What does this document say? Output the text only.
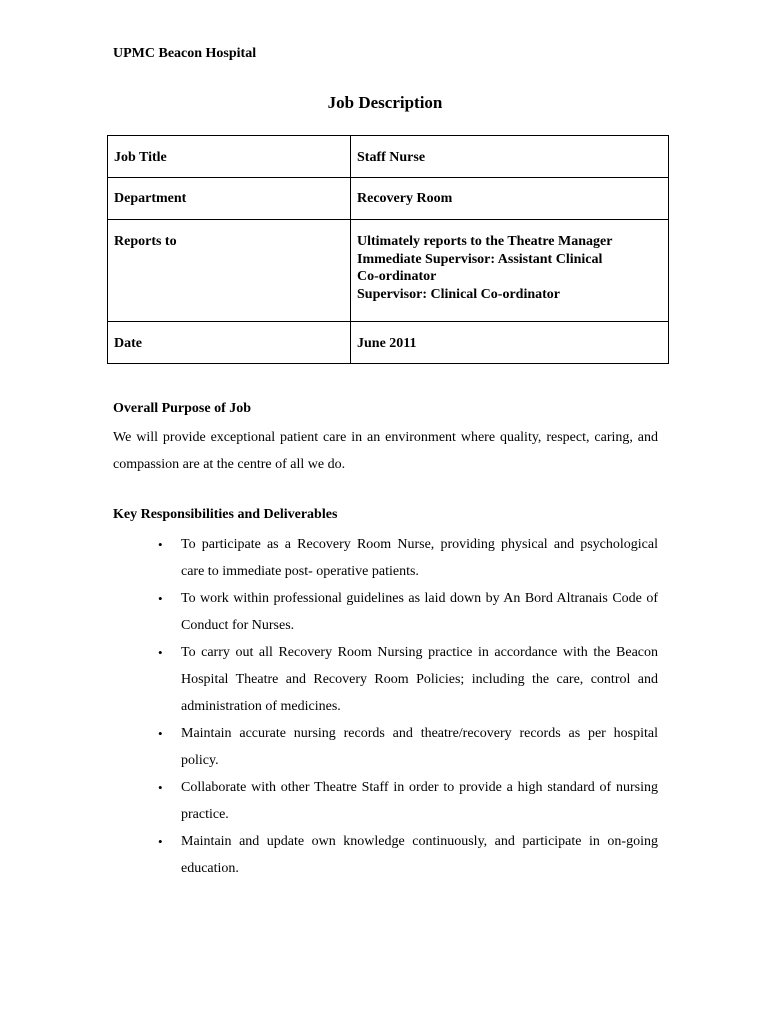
UPMC Beacon Hospital
Job Description
Job Title	Staff Nurse
Department	Recovery Room
Reports to	Ultimately reports to the Theatre Manager
Immediate Supervisor: Assistant Clinical
Co-ordinator
Supervisor: Clinical Co-ordinator

Date	June 2011
Overall Purpose of Job
We will provide exceptional patient care in an environment where quality, respect, caring, and compassion are at the centre of all we do.
Key Responsibilities and Deliverables
• To participate as a Recovery Room Nurse, providing physical and psychological care to immediate post- operative patients.
• To work within professional guidelines as laid down by An Bord Altranais Code of Conduct for Nurses.
• To carry out all Recovery Room Nursing practice in accordance with the Beacon Hospital Theatre and Recovery Room Policies; including the care, control and administration of medicines.
• Maintain accurate nursing records and theatre/recovery records as per hospital policy.
• Collaborate with other Theatre Staff in order to provide a high standard of nursing practice.
• Maintain and update own knowledge continuously, and participate in on-going education.
